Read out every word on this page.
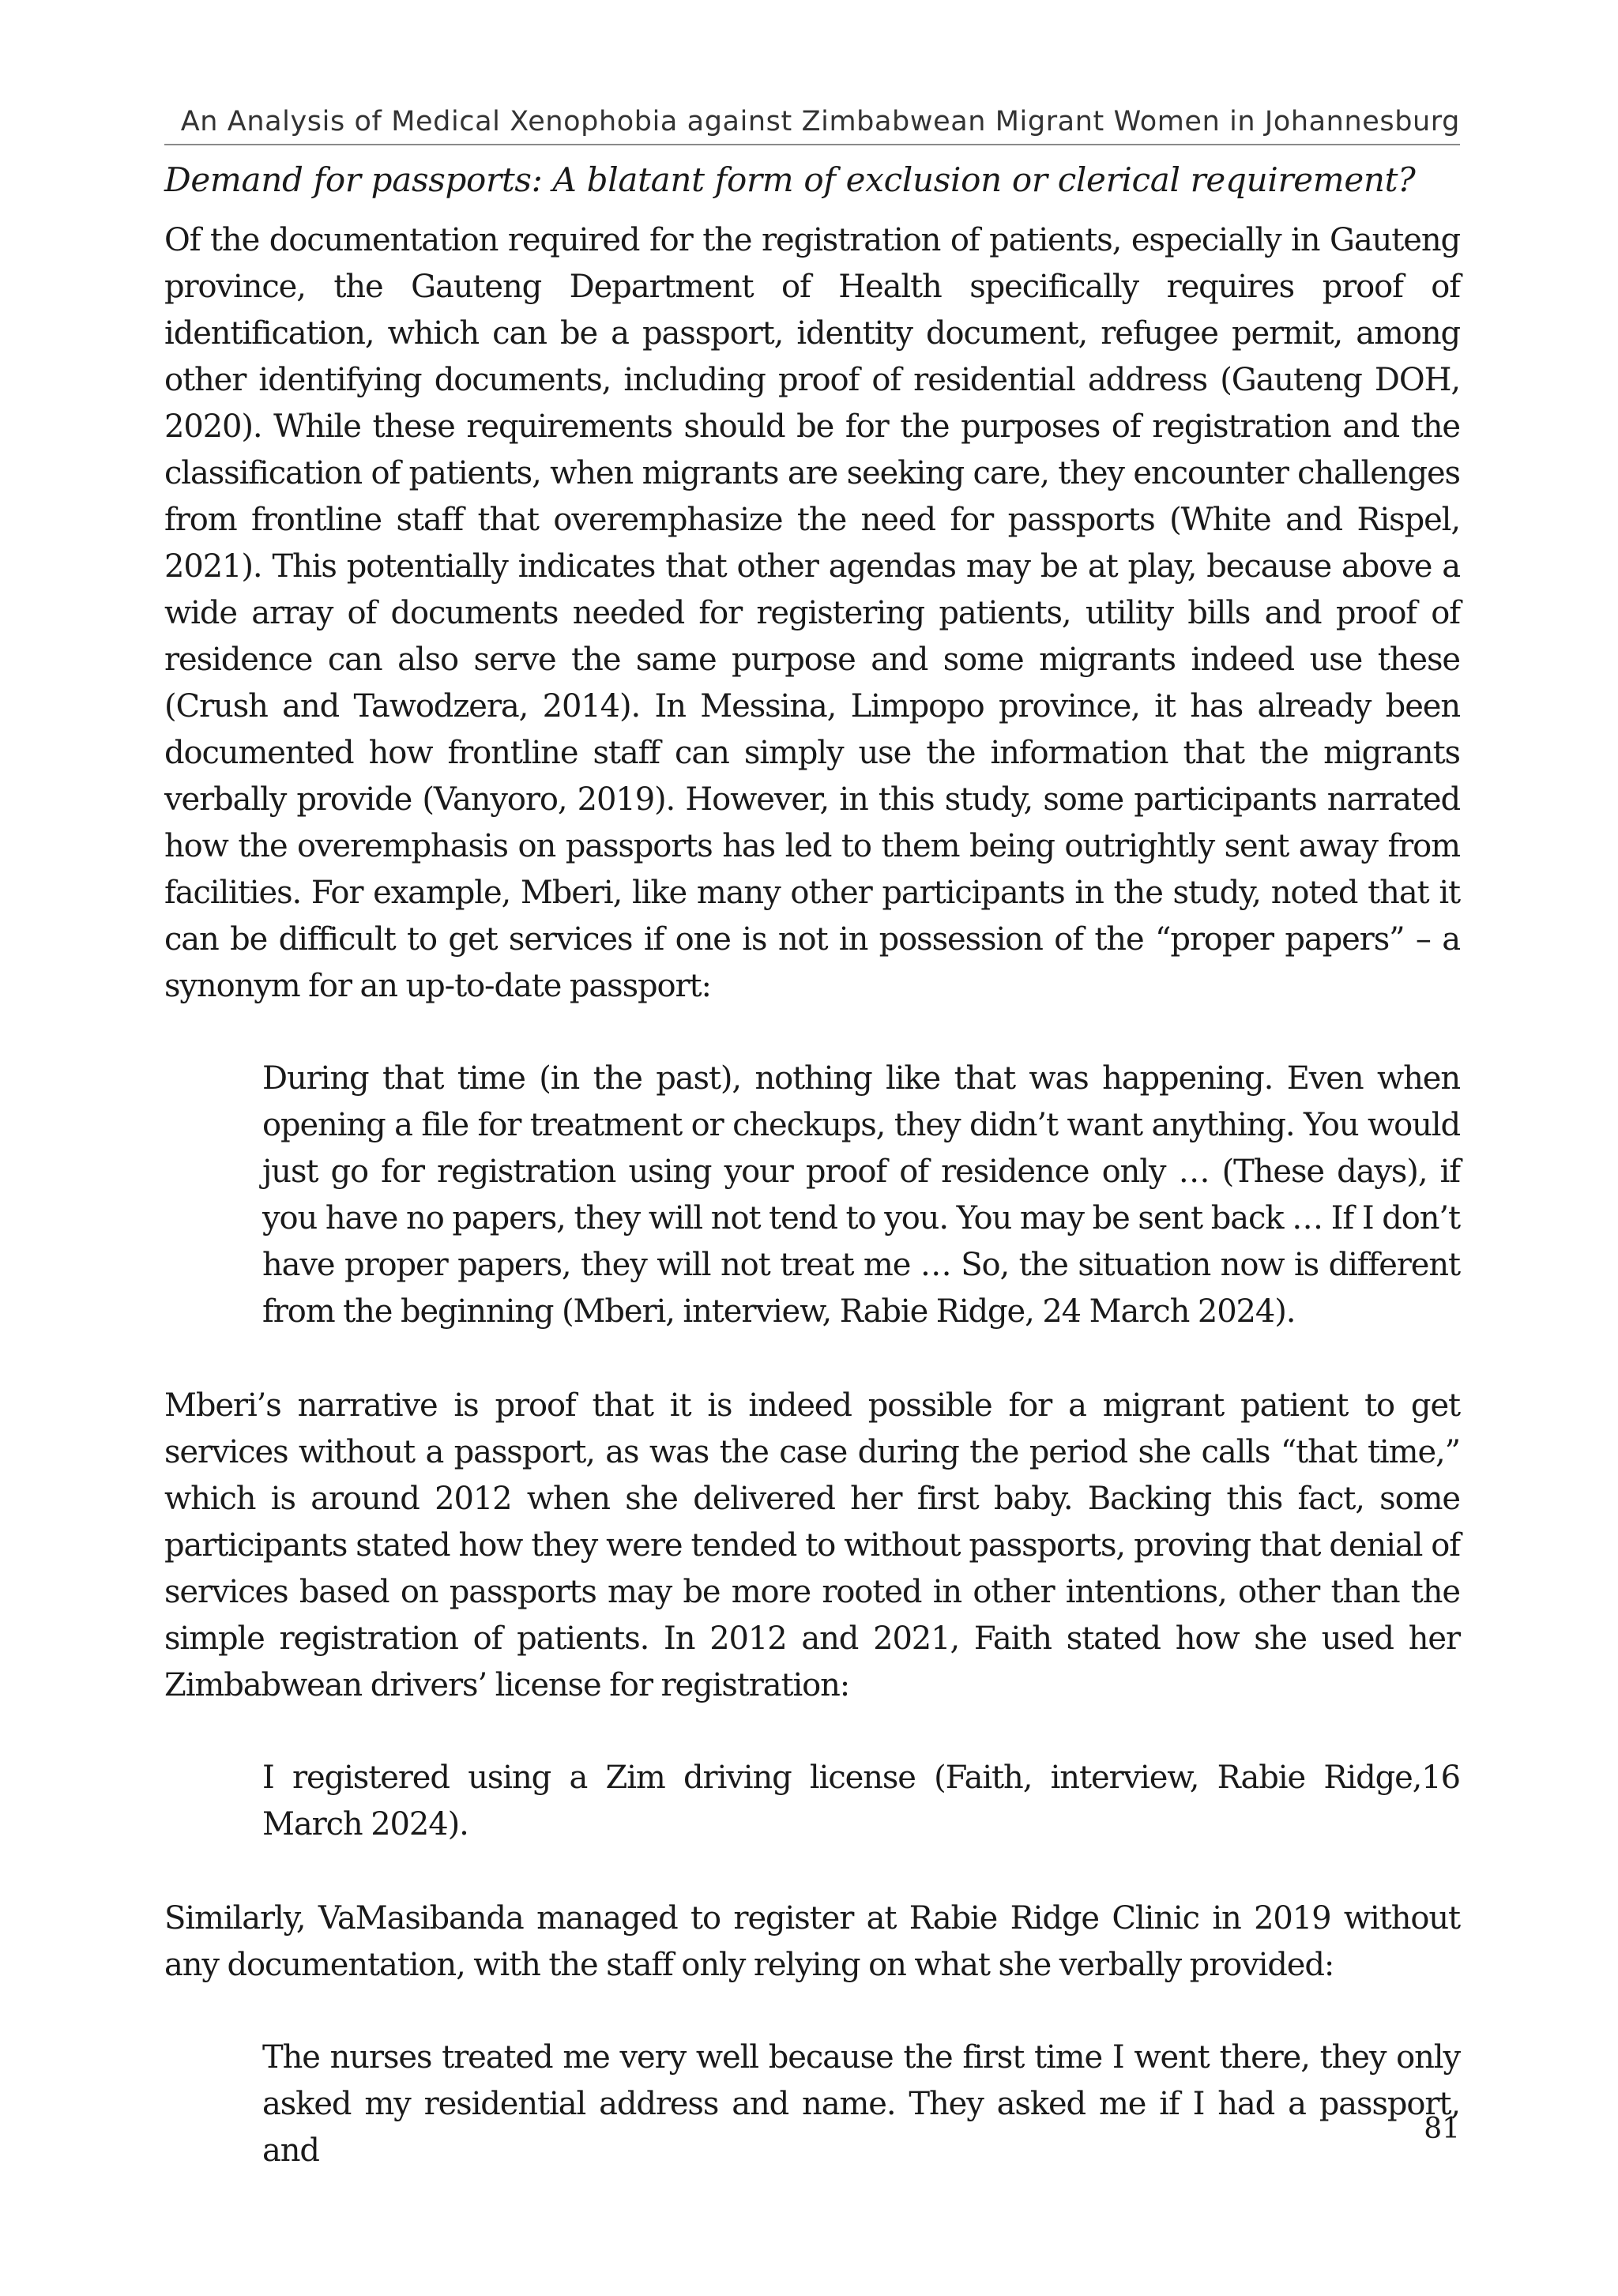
An Analysis of Medical Xenophobia against Zimbabwean Migrant Women in Johannesburg
Demand for passports: A blatant form of exclusion or clerical requirement?

Of the documentation required for the registration of patients, especially in Gauteng province, the Gauteng Department of Health specifically requires proof of identification, which can be a passport, identity document, refugee permit, among other identifying documents, including proof of residential address (Gauteng DOH, 2020). While these requirements should be for the purposes of registration and the classification of patients, when migrants are seeking care, they encounter challenges from frontline staff that overemphasize the need for passports (White and Rispel, 2021). This potentially indicates that other agendas may be at play, because above a wide array of documents needed for registering patients, utility bills and proof of residence can also serve the same purpose and some migrants indeed use these (Crush and Tawodzera, 2014). In Messina, Limpopo province, it has already been documented how frontline staff can simply use the information that the migrants verbally provide (Vanyoro, 2019). However, in this study, some participants narrated how the overemphasis on passports has led to them being outrightly sent away from facilities. For example, Mberi, like many other participants in the study, noted that it can be difficult to get services if one is not in possession of the “proper papers” – a synonym for an up-to-date passport:

During that time (in the past), nothing like that was happening. Even when opening a file for treatment or checkups, they didn’t want anything. You would just go for registration using your proof of residence only … (These days), if you have no papers, they will not tend to you. You may be sent back … If I don’t have proper papers, they will not treat me … So, the situation now is different from the beginning (Mberi, interview, Rabie Ridge, 24 March 2024).

Mberi’s narrative is proof that it is indeed possible for a migrant patient to get services without a passport, as was the case during the period she calls “that time,” which is around 2012 when she delivered her first baby. Backing this fact, some participants stated how they were tended to without passports, proving that denial of services based on passports may be more rooted in other intentions, other than the simple registration of patients. In 2012 and 2021, Faith stated how she used her Zimbabwean drivers’ license for registration:

I registered using a Zim driving license (Faith, interview, Rabie Ridge,16 March 2024).

Similarly, VaMasibanda managed to register at Rabie Ridge Clinic in 2019 without any documentation, with the staff only relying on what she verbally provided:

The nurses treated me very well because the first time I went there, they only asked my residential address and name. They asked me if I had a passport, and

81
